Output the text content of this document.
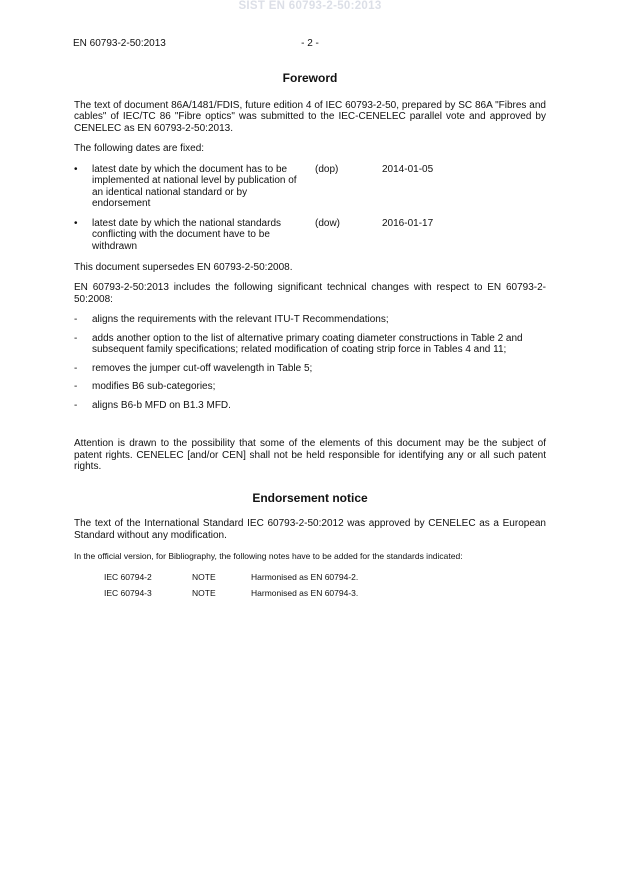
SIST EN 60793-2-50:2013
EN 60793-2-50:2013	- 2 -
Foreword

The text of document 86A/1481/FDIS, future edition 4 of IEC 60793-2-50, prepared by SC 86A "Fibres and cables" of IEC/TC 86 "Fibre optics" was submitted to the IEC-CENELEC parallel vote and approved by CENELEC as EN 60793-2-50:2013.

The following dates are fixed:

• latest date by which the document has to be implemented at national level by publication of an identical national standard or by endorsement
(dop)	2014-01-05
• latest date by which the national standards conflicting with the document have to be withdrawn
(dow)	2016-01-17

This document supersedes EN 60793-2-50:2008.

EN 60793-2-50:2013 includes the following significant technical changes with respect to EN 60793-2-50:2008:

- aligns the requirements with the relevant ITU-T Recommendations;
- adds another option to the list of alternative primary coating diameter constructions in Table 2 and subsequent family specifications; related modification of coating strip force in Tables 4 and 11;
- removes the jumper cut-off wavelength in Table 5;
- modifies B6 sub-categories;
- aligns B6-b MFD on B1.3 MFD.

Attention is drawn to the possibility that some of the elements of this document may be the subject of patent rights. CENELEC [and/or CEN] shall not be held responsible for identifying any or all such patent rights.

Endorsement notice

The text of the International Standard IEC 60793-2-50:2012 was approved by CENELEC as a European Standard without any modification.

In the official version, for Bibliography, the following notes have to be added for the standards indicated:

IEC 60794-2	NOTE	Harmonised as EN 60794-2.
IEC 60794-3	NOTE	Harmonised as EN 60794-3.
